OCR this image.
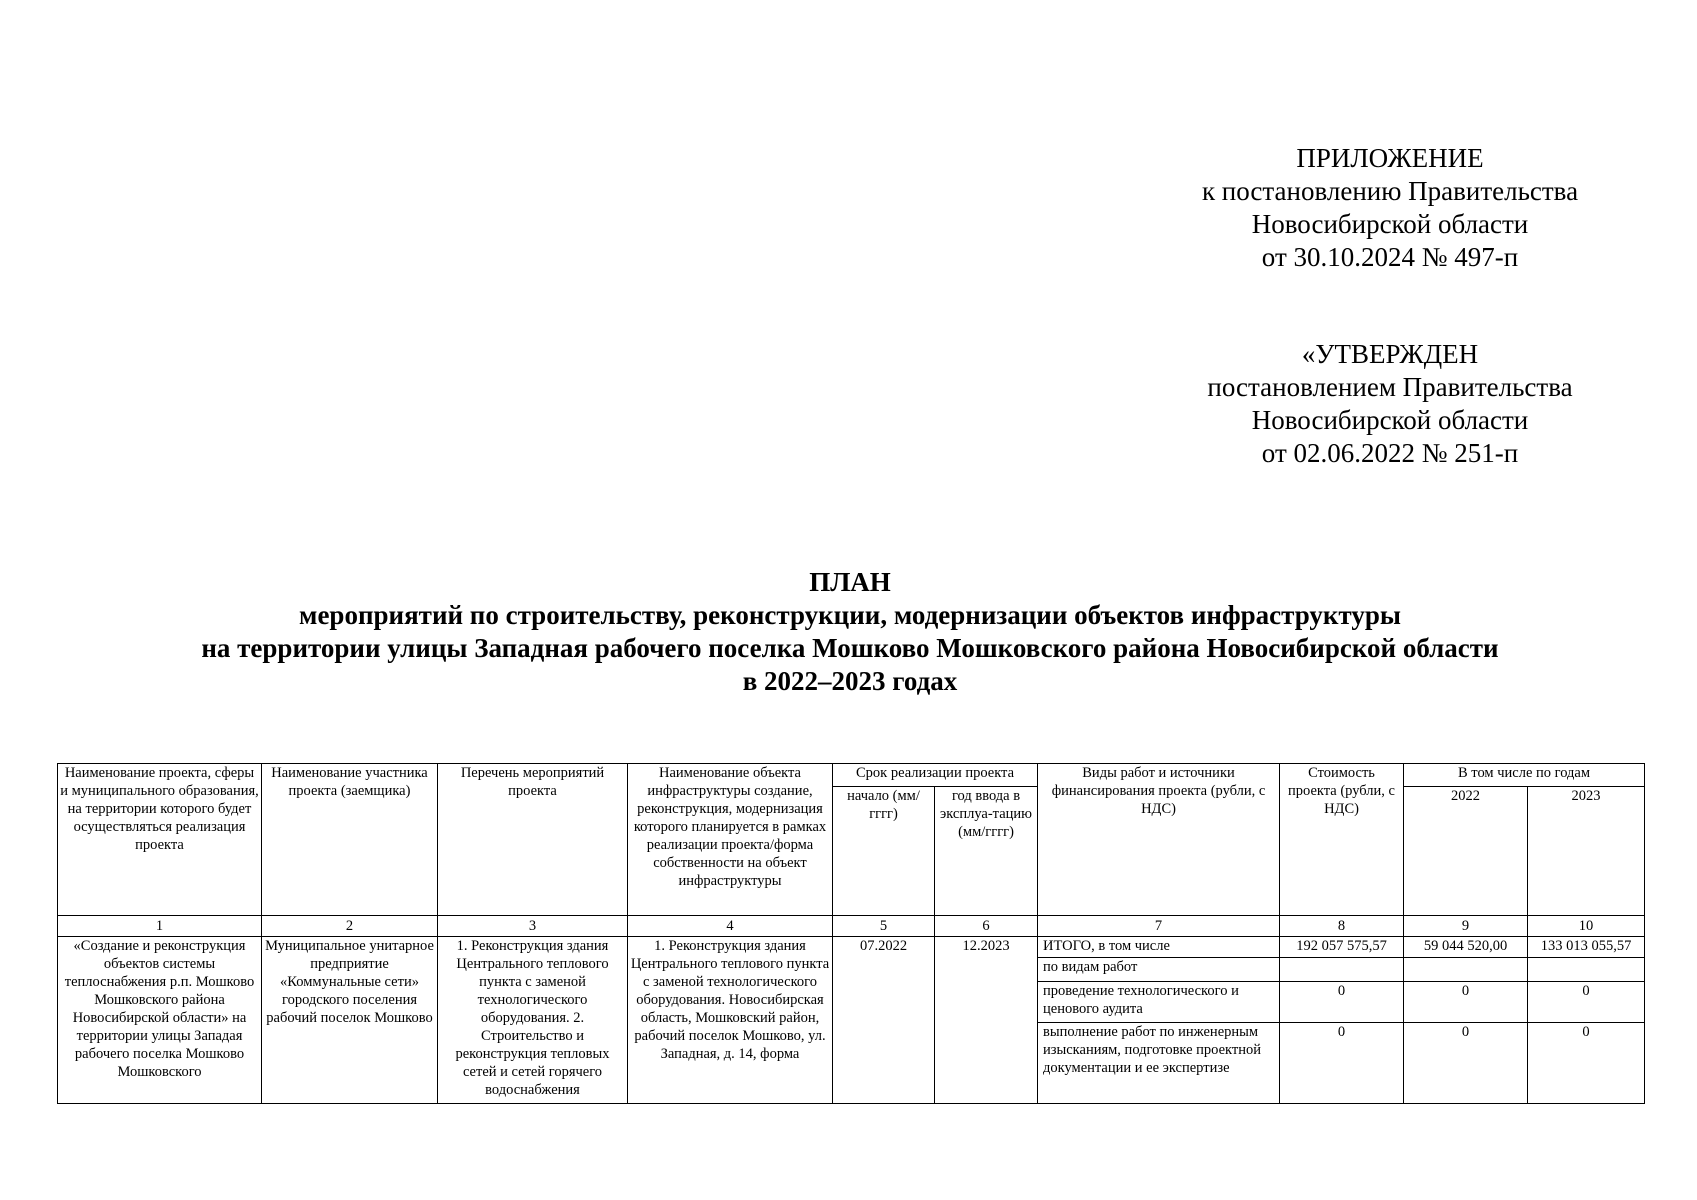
ПРИЛОЖЕНИЕ
к постановлению Правительства
Новосибирской области
от 30.10.2024 № 497-п
«УТВЕРЖДЕН
постановлением Правительства
Новосибирской области
от 02.06.2022 № 251-п
ПЛАН
мероприятий по строительству, реконструкции, модернизации объектов инфраструктуры
на территории улицы Западная рабочего поселка Мошково Мошковского района Новосибирской области
в 2022–2023 годах
Наименование проекта, сферы и муниципального образования, на территории которого будет осуществляться реализация проекта	Наименование участника проекта (заемщика)	Перечень мероприятий проекта	Наименование объекта инфраструктуры создание, реконструкция, модернизация которого планируется в рамках реализации проекта/форма собственности на объект инфраструктуры	Срок реализации проекта		Виды работ и источники финансирования проекта (рубли, с НДС)	Стоимость проекта (рубли, с НДС)	В том числе по годам	
				начало (мм/гггг)	год ввода в эксплуа-тацию (мм/гггг)			2022	2023
1	2	3	4	5	6	7	8	9	10
«Создание и реконструкция объектов системы теплоснабжения р.п. Мошково Мошковского района Новосибирской области» на территории улицы Западая рабочего поселка Мошково Мошковского	Муниципальное унитарное предприятие «Коммунальные сети» городского поселения рабочий поселок Мошково	1. Реконструкция здания Центрального теплового пункта с заменой технологического оборудования. 2. Строительство и реконструкция тепловых сетей и сетей горячего водоснабжения	1. Реконструкция здания Центрального теплового пункта с заменой технологического оборудования. Новосибирская область, Мошковский район, рабочий поселок Мошково, ул. Западная, д. 14, форма	07.2022	12.2023	ИТОГО, в том числе	192 057 575,57	59 044 520,00	133 013 055,57
						по видам работ			
						проведение технологического и ценового аудита	0	0	0
						выполнение работ по инженерным изысканиям, подготовке проектной документации и ее экспертизе	0	0	0
